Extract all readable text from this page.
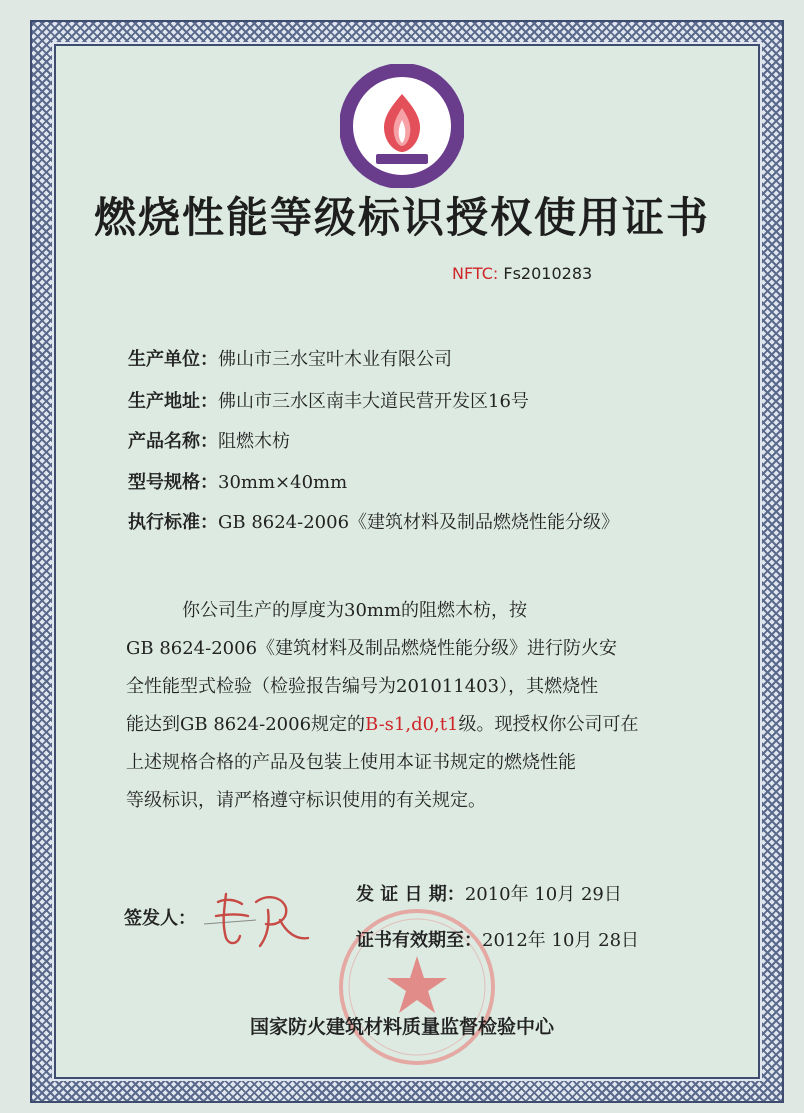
燃烧性能等级标识授权使用证书
NFTC: Fs2010283
生产单位：佛山市三水宝叶木业有限公司
生产地址：佛山市三水区南丰大道民营开发区16号
产品名称：阻燃木枋
型号规格：30mm×40mm
执行标准：GB 8624-2006《建筑材料及制品燃烧性能分级》
你公司生产的厚度为30mm的阻燃木枋，按
GB 8624-2006《建筑材料及制品燃烧性能分级》进行防火安
全性能型式检验（检验报告编号为201011403），其燃烧性
能达到GB 8624-2006规定的B-s1,d0,t1级。现授权你公司可在
上述规格合格的产品及包装上使用本证书规定的燃烧性能
等级标识，请严格遵守标识使用的有关规定。
签发人：
发 证 日 期：2010年 10月 29日
证书有效期至：2012年 10月 28日
国家防火建筑材料质量监督检验中心
